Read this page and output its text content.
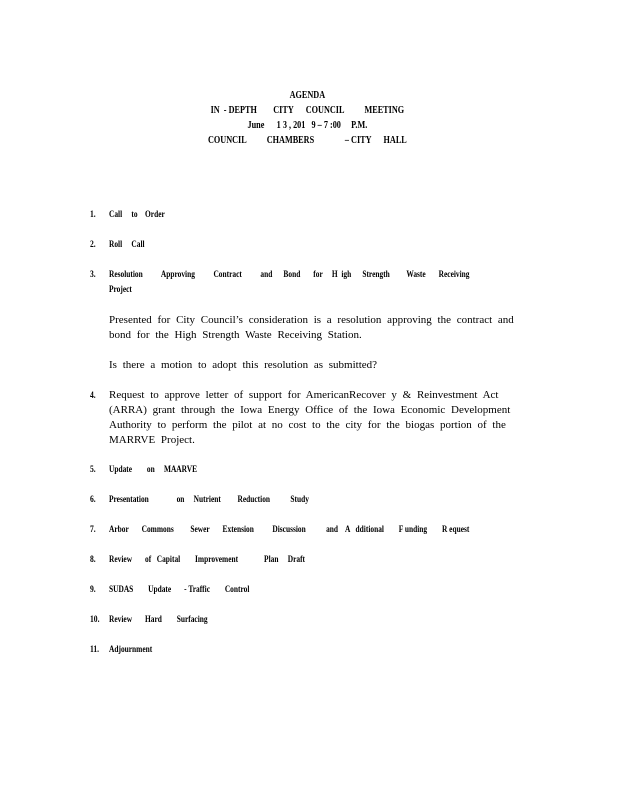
AGENDA
IN  - DEPTH        CITY      COUNCIL          MEETING
June      1 3 , 201   9 – 7 :00     P.M.
COUNCIL          CHAMBERS               – CITY      HALL
1. Call     to    Order
2. Roll     Call
3. Resolution          Approving          Contract          and      Bond       for     H  igh      Strength         Waste       Receiving
Project
Presented for City Council’s consideration is a resolution approving the contract and
bond for the High Strength Waste Receiving Station.
Is there a motion to adopt this resolution as submitted?
4. Request to approve letter of support for AmericanRecover y & Reinvestment Act
(ARRA) grant through the Iowa Energy Office of the Iowa Economic Development
Authority to perform the pilot at no cost to the city for the biogas portion of the
MARRVE Project.
5. Update        on     MAARVE
6. Presentation               on     Nutrient         Reduction           Study
7. Arbor       Commons         Sewer       Extension          Discussion           and    A   dditional        F unding        R equest
8. Review       of   Capital        Improvement              Plan     Draft
9. SUDAS        Update       - Traffic        Control
10. Review       Hard        Surfacing
11. Adjournment
